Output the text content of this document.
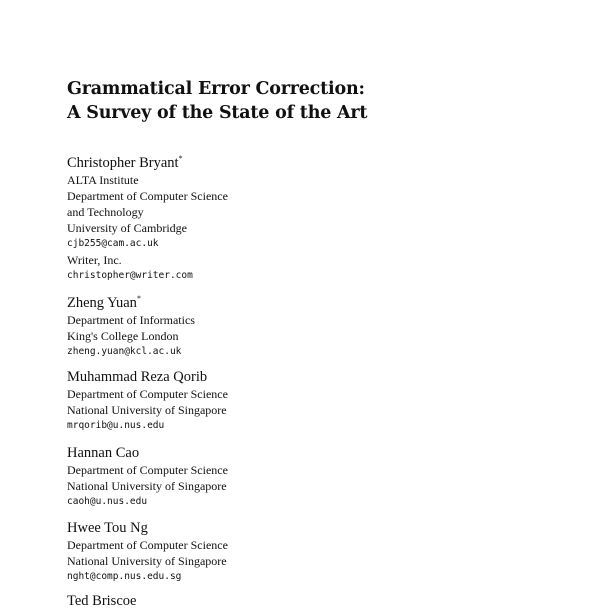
Grammatical Error Correction:
A Survey of the State of the Art
Christopher Bryant*
ALTA Institute
Department of Computer Science
and Technology
University of Cambridge
cjb255@cam.ac.uk
Writer, Inc.
christopher@writer.com
Zheng Yuan*
Department of Informatics
King's College London
zheng.yuan@kcl.ac.uk
Muhammad Reza Qorib
Department of Computer Science
National University of Singapore
mrqorib@u.nus.edu
Hannan Cao
Department of Computer Science
National University of Singapore
caoh@u.nus.edu
Hwee Tou Ng
Department of Computer Science
National University of Singapore
nght@comp.nus.edu.sg
Ted Briscoe
